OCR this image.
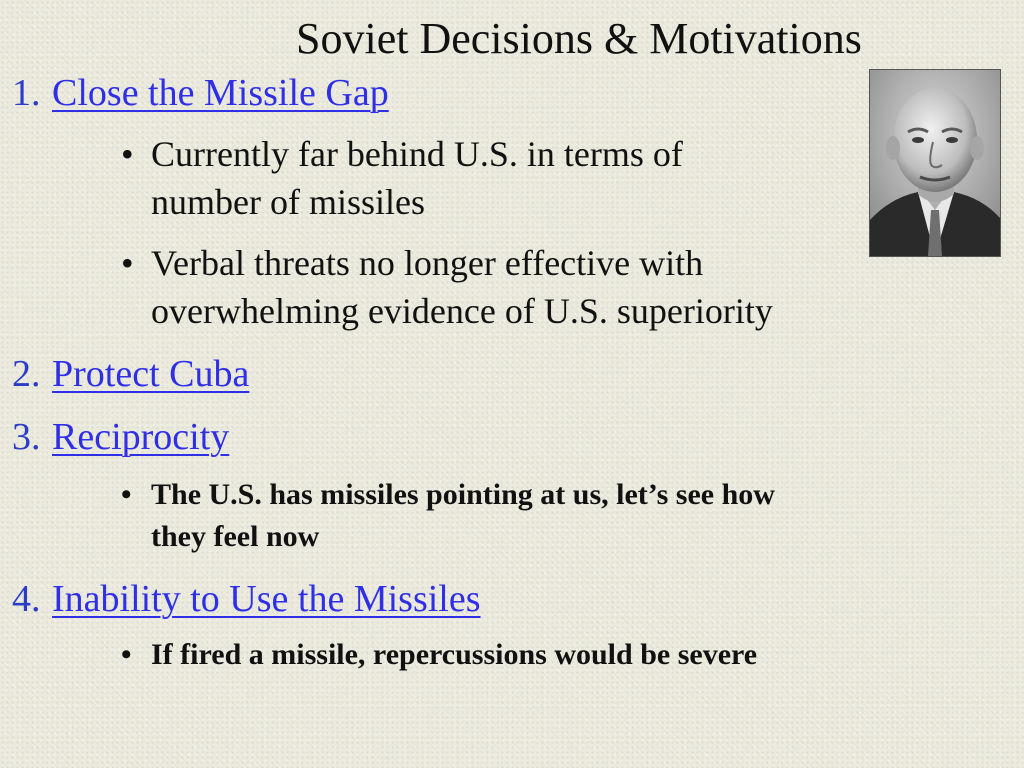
Soviet Decisions & Motivations
1. Close the Missile Gap
• Currently far behind U.S. in terms of
number of missiles
• Verbal threats no longer effective with
overwhelming evidence of U.S. superiority
2. Protect Cuba
3. Reciprocity
• The U.S. has missiles pointing at us, let’s see how
they feel now
4. Inability to Use the Missiles
• If fired a missile, repercussions would be severe
